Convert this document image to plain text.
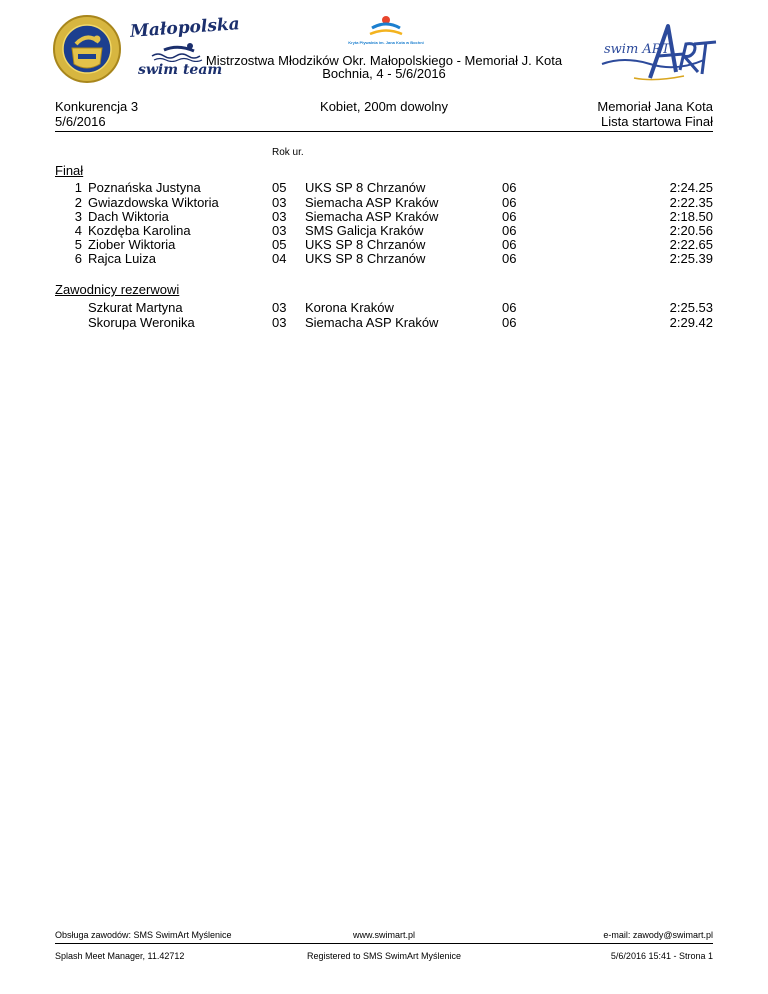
Małopolska
swim team
Kryta Pływalnia im. Jana Kota w Bochni	swim ART
Mistrzostwa Młodzików Okr. Małopolskiego - Memoriał J. Kota
Bochnia, 4 - 5/6/2016
Konkurencja 3
5/6/2016
Kobiet, 200m dowolny	Memoriał Jana Kota
Lista startowa Finał
Rok ur.
Finał
1 Poznańska Justyna	05 UKS SP 8 Chrzanów	06	2:24.25
2 Gwiazdowska Wiktoria	03 Siemacha ASP Kraków	06	2:22.35
3 Dach Wiktoria	03 Siemacha ASP Kraków	06	2:18.50
4 Kozdęba Karolina	03 SMS Galicja Kraków	06	2:20.56
5 Ziober Wiktoria	05 UKS SP 8 Chrzanów	06	2:22.65
6 Rajca Luiza	04 UKS SP 8 Chrzanów	06	2:25.39
Zawodnicy rezerwowi
Szkurat Martyna	03 Korona Kraków	06	2:25.53
Skorupa Weronika	03 Siemacha ASP Kraków	06	2:29.42
Obsługa zawodów: SMS SwimArt Myślenice	www.swimart.pl	e-mail: zawody@swimart.pl
Splash Meet Manager, 11.42712	Registered to SMS SwimArt Myślenice	5/6/2016 15:41 - Strona 1
